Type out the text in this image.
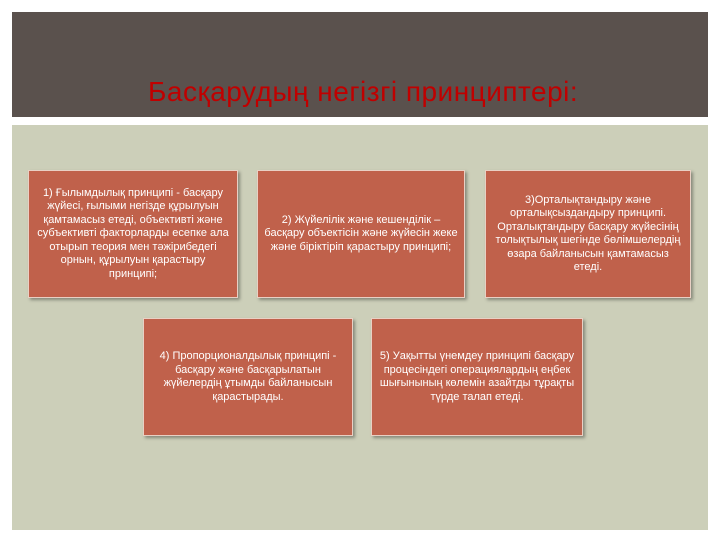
Басқарудың негізгі принциптері:
1) Ғылымдылық принципі - басқару жүйесі, ғылыми негізде құрылуын қамтамасыз етеді, объективті және субъективті факторларды есепке ала отырып теория мен тәжірибедегі орнын, құрылуын қарастыру принципі;
2) Жүйелілік және кешенділік – басқару объектісін және жүйесін жеке және біріктіріп қарастыру принципі;
3)Орталықтандыру және орталықсыздандыру принципі. Орталықтандыру басқару жүйесінің толықтылық шегінде бөлімшелердің өзара байланысын қамтамасыз етеді.
4) Пропорционалдылық принципі - басқару және басқарылатын жүйелердің ұтымды байланысын қарастырады.
5) Уақытты үнемдеу принципі басқару процесіндегі операциялардың еңбек шығынының көлемін азайтды тұрақты түрде талап етеді.
